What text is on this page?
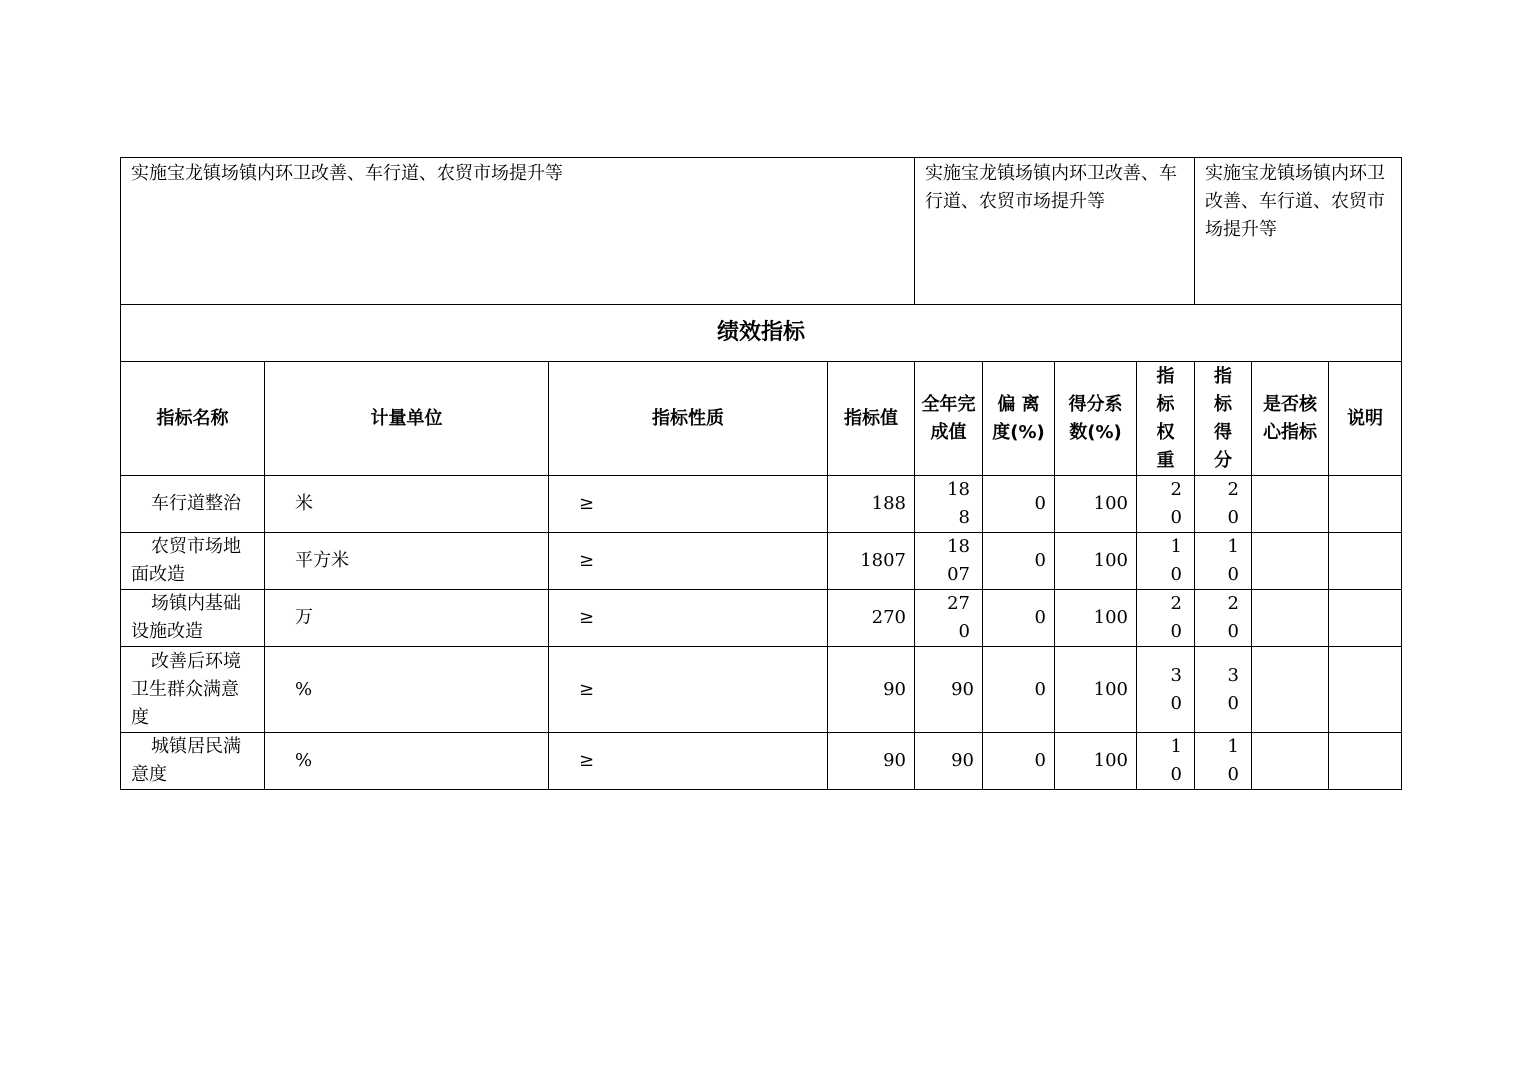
实施宝龙镇场镇内环卫改善、车行道、农贸市场提升等				实施宝龙镇场镇内环卫改善、车行道、农贸市场提升等				实施宝龙镇场镇内环卫改善、车行道、农贸市场提升等		
绩效指标										
指标名称	计量单位	指标性质	指标值	全年完成值	偏 离 度(%)	得分系数(%)	指标权重	指标得分	是否核心指标	说明
车行道整治	米	≥	188	188	0	100	20	20		
农贸市场地面改造	平方米	≥	1807	1807	0	100	10	10		
场镇内基础设施改造	万	≥	270	270	0	100	20	20		
改善后环境卫生群众满意度	%	≥	90	90	0	100	30	30		
城镇居民满意度	%	≥	90	90	0	100	10	10		
